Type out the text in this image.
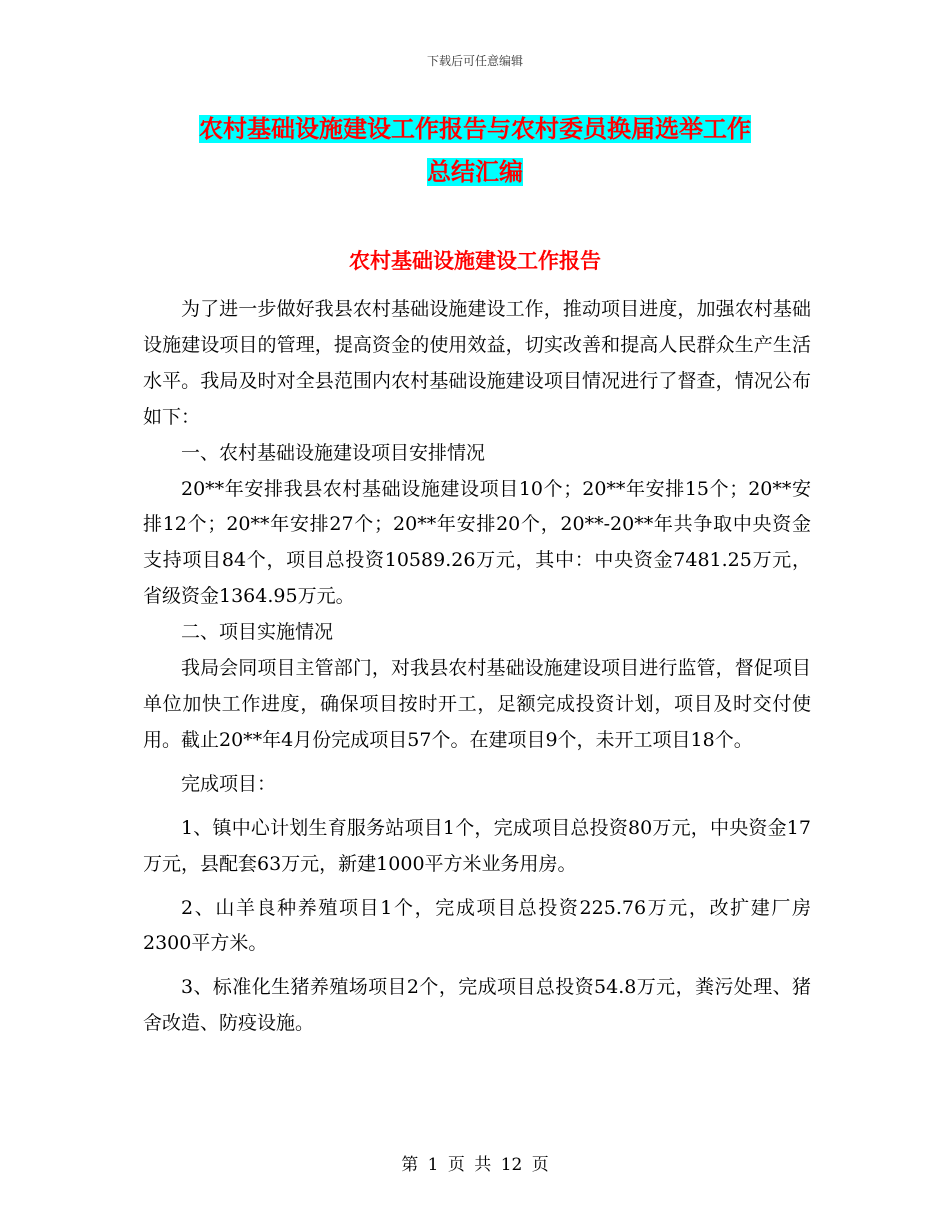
下载后可任意编辑
农村基础设施建设工作报告与农村委员换届选举工作
总结汇编
农村基础设施建设工作报告

为了进一步做好我县农村基础设施建设工作，推动项目进度，加强农村基础设施建设项目的管理，提高资金的使用效益，切实改善和提高人民群众生产生活水平。我局及时对全县范围内农村基础设施建设项目情况进行了督查，情况公布如下：

一、农村基础设施建设项目安排情况

20**年安排我县农村基础设施建设项目10个；20**年安排15个；20**安排12个；20**年安排27个；20**年安排20个，20**-20**年共争取中央资金支持项目84个，项目总投资10589.26万元，其中：中央资金7481.25万元，省级资金1364.95万元。

二、项目实施情况

我局会同项目主管部门，对我县农村基础设施建设项目进行监管，督促项目单位加快工作进度，确保项目按时开工，足额完成投资计划，项目及时交付使用。截止20**年4月份完成项目57个。在建项目9个，未开工项目18个。

完成项目：

1、镇中心计划生育服务站项目1个，完成项目总投资80万元，中央资金17万元，县配套63万元，新建1000平方米业务用房。

2、山羊良种养殖项目1个，完成项目总投资225.76万元，改扩建厂房2300平方米。

3、标准化生猪养殖场项目2个，完成项目总投资54.8万元，粪污处理、猪舍改造、防疫设施。

第 1 页 共 12 页
